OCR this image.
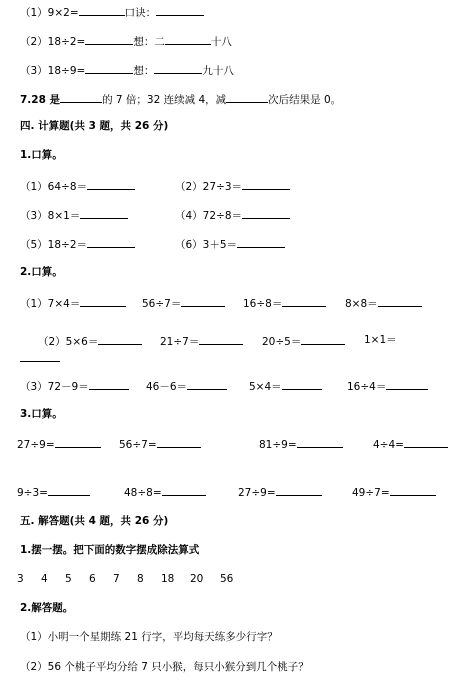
（1）9×2=	口诀：
（2）18÷2=	想：二	十八
（3）18÷9=	想：	九十八
7.28 是	的 7 倍；32 连续减 4，减	次后结果是 0。
四. 计算题(共 3 题，共 26 分)
1.口算。
（1）64÷8＝	（2）27÷3＝
（3）8×1＝	（4）72÷8＝
（5）18÷2＝	（6）3＋5＝
2.口算。
（1）7×4＝	56÷7＝	16÷8＝	8×8＝
（2）5×6＝	21÷7＝	20÷5＝	1×1＝
（3）72－9＝	46－6＝	5×4＝	16÷4＝
3.口算。
27÷9=	56÷7=	81÷9=	4÷4=
9÷3=	48÷8=	27÷9=	49÷7=
五. 解答题(共 4 题，共 26 分)
1.摆一摆。把下面的数字摆成除法算式
3 4 5 6 7 8 18 20 56
2.解答题。
（1）小明一个星期练 21 行字，平均每天练多少行字？
（2）56 个桃子平均分给 7 只小猴，每只小猴分到几个桃子？
